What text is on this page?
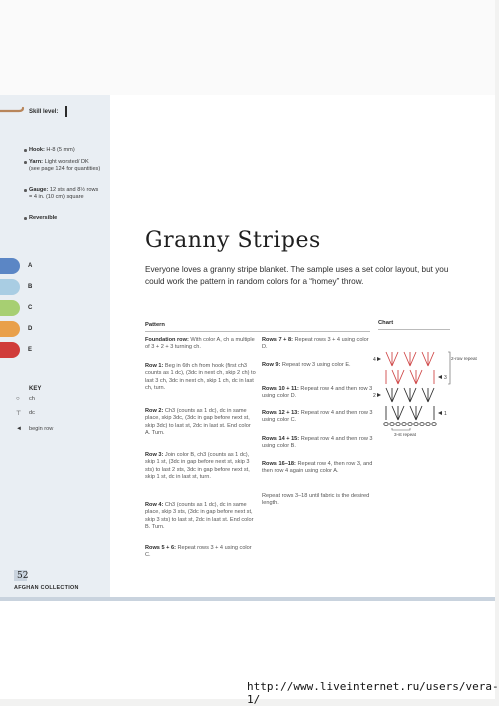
Skill level:
Hook: H-8 (5 mm)
Yarn: Light worsted/ DK (see page 124 for quantities)
Gauge: 12 sts and 8½ rows = 4 in. (10 cm) square
Reversible
A
B
C
D
E
KEY
○ ch
⊤ dc
◄ begin row
Granny Stripes
Everyone loves a granny stripe blanket. The sample uses a set color layout, but you could work the pattern in random colors for a “homey” throw.
Pattern	Chart
Foundation row: With color A, ch a multiple of 3 + 2 + 3 turning ch.
Row 1: Beg in 6th ch from hook (first ch3 counts as 1 dc), (3dc in next ch, skip 2 ch) to last 3 ch, 3dc in next ch, skip 1 ch, dc in last ch, turn.
Row 2: Ch3 (counts as 1 dc), dc in same place, skip 3dc, (3dc in gap before next st, skip 3dc) to last st, 2dc in last st. End color A. Turn.
Row 3: Join color B, ch3 (counts as 1 dc), skip 1 st, (3dc in gap before next st, skip 3 sts) to last 2 sts, 3dc in gap before next st, skip 1 st, dc in last st, turn.
Row 4: Ch3 (counts as 1 dc), dc in same place, skip 3 sts, (3dc in gap before next st, skip 3 sts) to last st, 2dc in last st. End color B. Turn.
Rows 5 + 6: Repeat rows 3 + 4 using color C.
Rows 7 + 8: Repeat rows 3 + 4 using color D.
Row 9: Repeat row 3 using color E.
Rows 10 + 11: Repeat row 4 and then row 3 using color D.
Rows 12 + 13: Repeat row 4 and then row 3 using color C.
Rows 14 + 15: Repeat row 4 and then row 3 using color B.
Rows 16–18: Repeat row 4, then row 3, and then row 4 again using color A.
Repeat rows 3–18 until fabric is the desired length.
4
3
2
1
2-row repeat
3-st repeat
52
AFGHAN COLLECTION
http://www.liveinternet.ru/users/vera-1/
